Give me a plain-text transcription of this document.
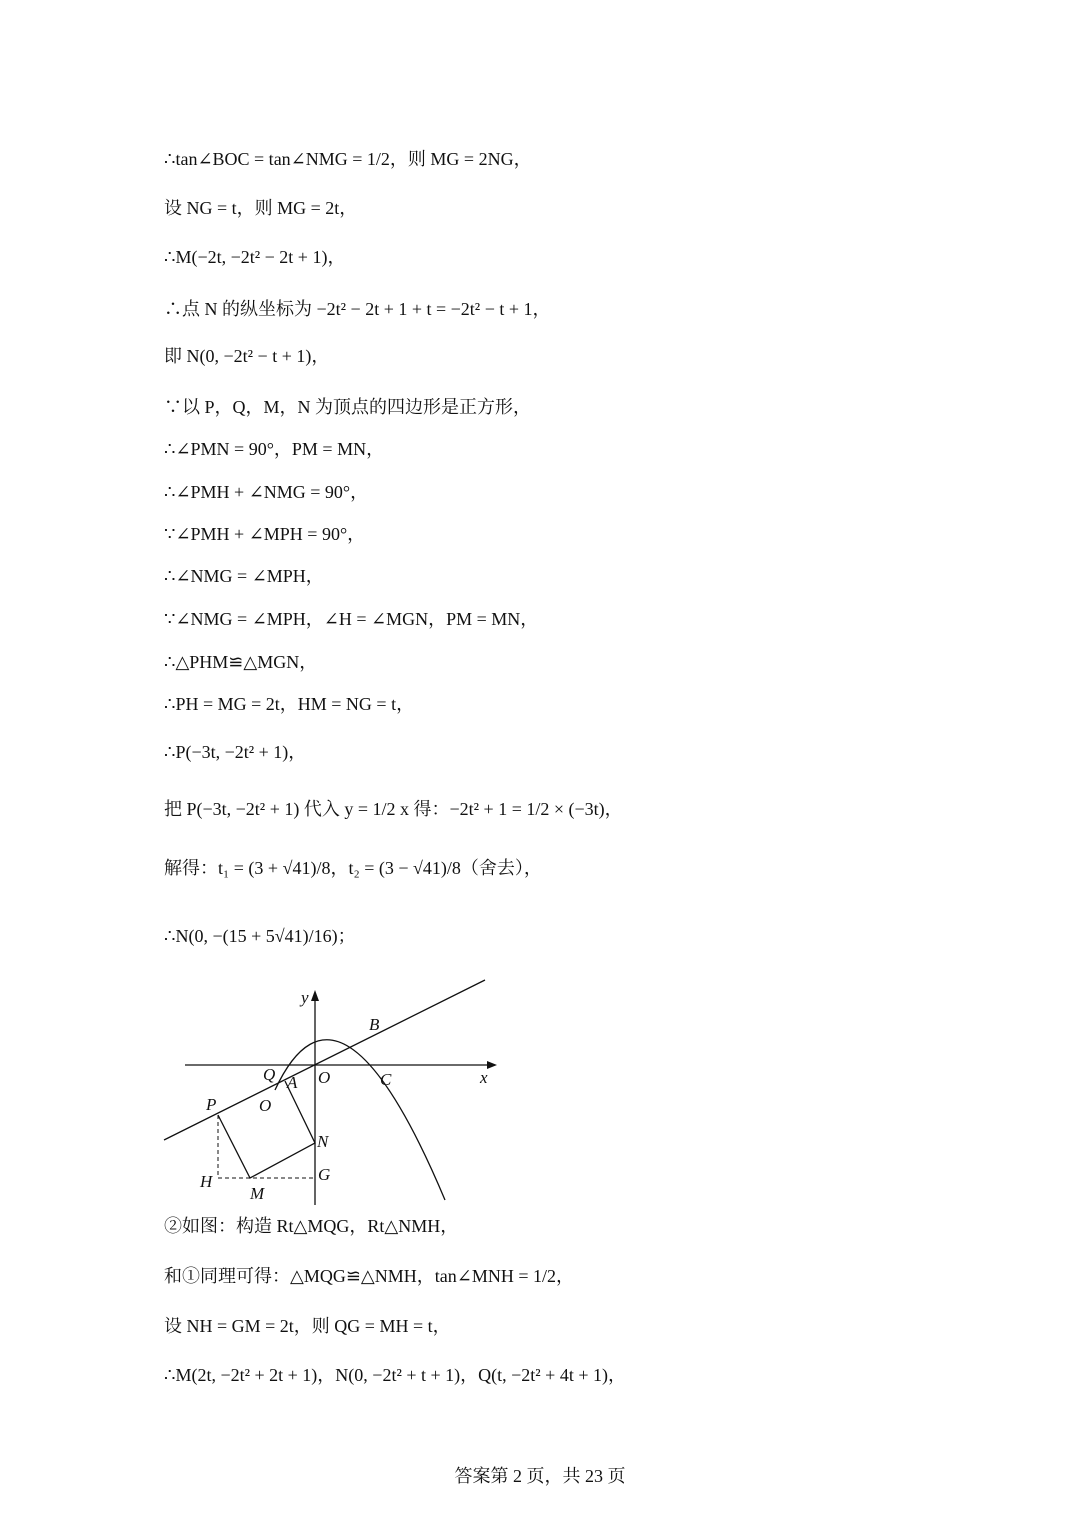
∴tan∠BOC = tan∠NMG = 1/2，则 MG = 2NG，
设 NG = t，则 MG = 2t，
∴M(−2t, −2t² − 2t + 1)，
∴点 N 的纵坐标为 −2t² − 2t + 1 + t = −2t² − t + 1，
即 N(0, −2t² − t + 1)，
∵以 P，Q，M，N 为顶点的四边形是正方形，
∴∠PMN = 90°，PM = MN，
∴∠PMH + ∠NMG = 90°，
∵∠PMH + ∠MPH = 90°，
∴∠NMG = ∠MPH，
∵∠NMG = ∠MPH，∠H = ∠MGN，PM = MN，
∴△PHM≌△MGN，
∴PH = MG = 2t，HM = NG = t，
∴P(−3t, −2t² + 1)，
把 P(−3t, −2t² + 1) 代入 y = 1/2 x 得：−2t² + 1 = 1/2 × (−3t)，
解得：t₁ = (3 + √41)/8，t₂ = (3 − √41)/8（舍去），
∴N(0, −(15 + 5√41)/16)；
②如图：构造 Rt△MQG，Rt△NMH，
和①同理可得：△MQG≌△NMH，tan∠MNH = 1/2，
设 NH = GM = 2t，则 QG = MH = t，
∴M(2t, −2t² + 2t + 1)，N(0, −2t² + t + 1)，Q(t, −2t² + 4t + 1)，
y
x
B
Q A O	C
P	O
N
H	G
M
答案第 2 页，共 23 页
